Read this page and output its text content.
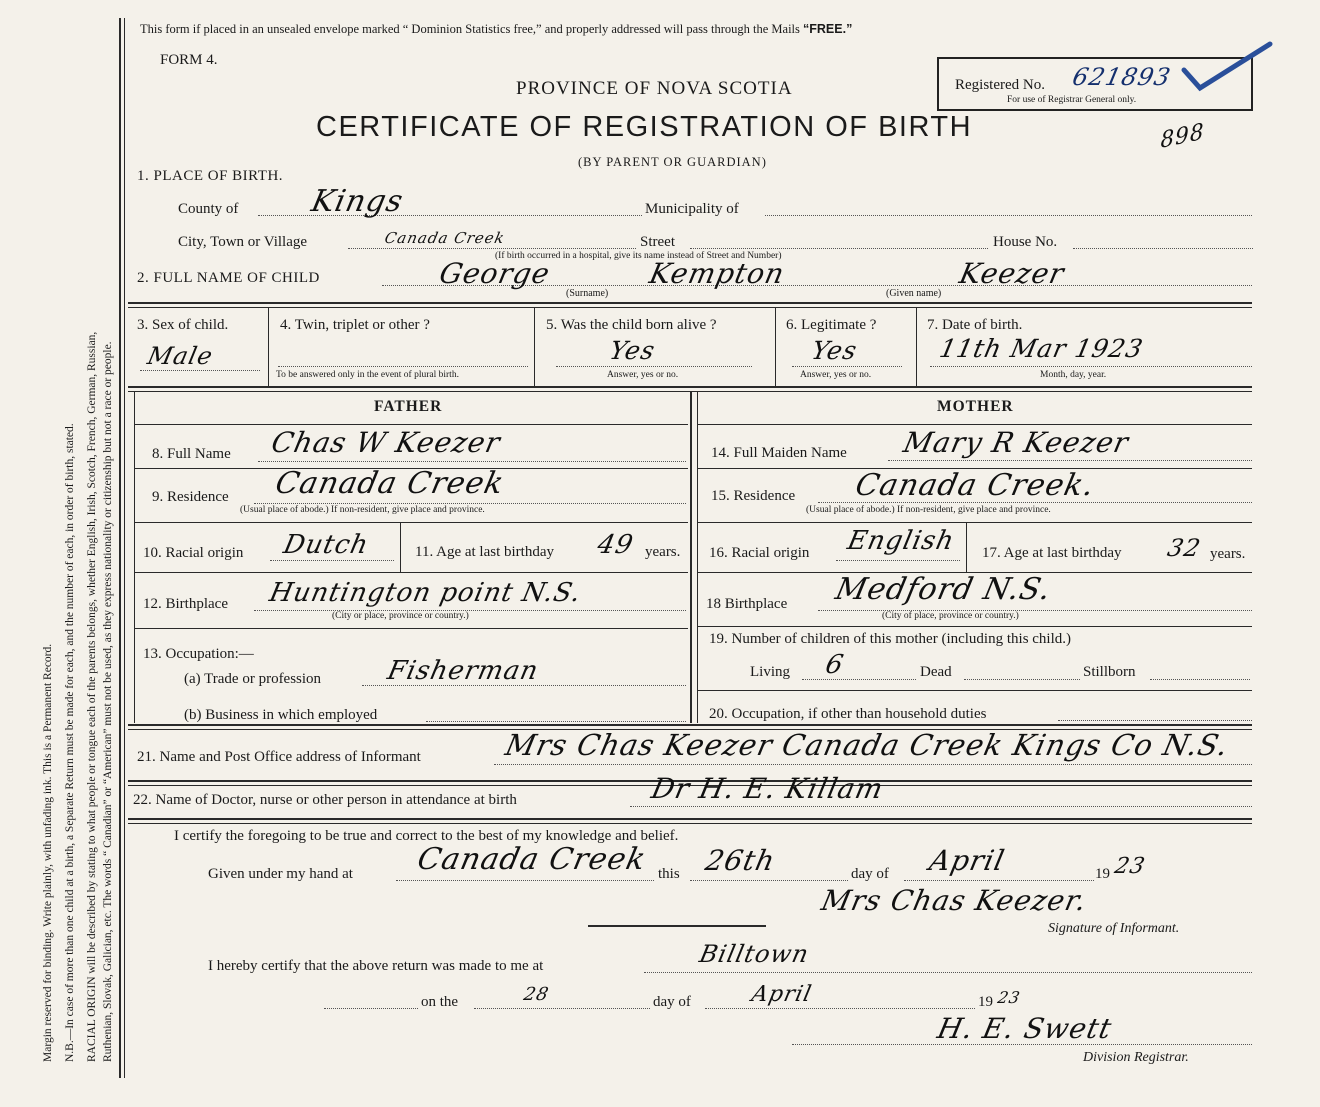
Margin reserved for binding. Write plainly, with unfading ink. This is a Permanent Record. N.B.—In case of more than one child at a birth, a Separate Return must be made for each, and the number of each, in order of birth, stated. RACIAL ORIGIN will be described by stating to what people or tongue each of the parents belongs, whether English, Irish, Scotch, French, German, Russian, Ruthenian, Slovak, Galician, etc. The words “ Canadian” or “American” must not be used, as they express nationality or citizenship but not a race or people.
This form if placed in an unsealed envelope marked “ Dominion Statistics free,” and properly addressed will pass through the Mails “FREE.”
FORM 4.
PROVINCE OF NOVA SCOTIA
CERTIFICATE OF REGISTRATION OF BIRTH
(BY PARENT OR GUARDIAN)
Registered No. 621893
For use of Registrar General only.
898
1. PLACE OF BIRTH.
County of Kings	Municipality of
City, Town or Village	Canada Creek	Street	House No.
(If birth occurred in a hospital, give its name instead of Street and Number)
2. FULL NAME OF CHILD	George	Kempton	Keezer
(Surname)	(Given name)
3. Sex of child.
Male
4. Twin, triplet or other ?
To be answered only in the event of plural birth.
5. Was the child born alive ?
Yes
Answer, yes or no.
6. Legitimate ?
Yes
Answer, yes or no.
7. Date of birth.
11th Mar 1923
Month, day, year.
FATHER
8. Full Name Chas W Keezer
9. Residence Canada Creek
(Usual place of abode.) If non-resident, give place and province.
10. Racial origin Dutch	11. Age at last birthday 49 years.
12. Birthplace Huntington point N.S.
(City or place, province or country.)
13. Occupation:—
(a) Trade or profession Fisherman
(b) Business in which employed
MOTHER
14. Full Maiden Name Mary R Keezer
15. Residence Canada Creek.
(Usual place of abode.) If non-resident, give place and province.
16. Racial origin English 17. Age at last birthday 32 years.
18 Birthplace Medford N.S.
(City of place, province or country.)
19. Number of children of this mother (including this child.)
Living 6	Dead	Stillborn
20. Occupation, if other than household duties
21. Name and Post Office address of Informant	Mrs Chas Keezer Canada Creek Kings Co N.S.
22. Name of Doctor, nurse or other person in attendance at birth	Dr H. E. Killam
I certify the foregoing to be true and correct to the best of my knowledge and belief.
Given under my hand at Canada Creek this 26th	day of April	19 23
Mrs Chas Keezer.
Signature of Informant.
I hereby certify that the above return was made to me at	Billtown
on the	28	day of	April	19 23
H. E. Swett
Division Registrar.
